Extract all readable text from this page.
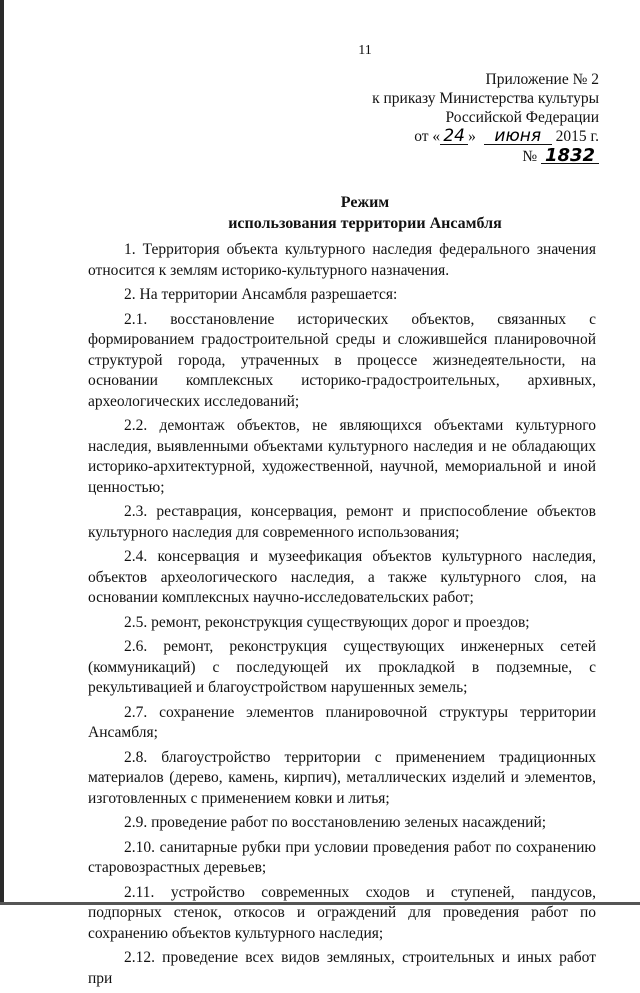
11
Приложение № 2
к приказу Министерства культуры
Российской Федерации
от « 24 » июня 2015 г.
№ 1832
Режим
использования территории Ансамбля

1. Территория объекта культурного наследия федерального значения относится к землям историко-культурного назначения.

2. На территории Ансамбля разрешается:

2.1. восстановление исторических объектов, связанных с формированием градостроительной среды и сложившейся планировочной структурой города, утраченных в процессе жизнедеятельности, на основании комплексных историко-градостроительных, архивных, археологических исследований;

2.2. демонтаж объектов, не являющихся объектами культурного наследия, выявленными объектами культурного наследия и не обладающих историко-архитектурной, художественной, научной, мемориальной и иной ценностью;

2.3. реставрация, консервация, ремонт и приспособление объектов культурного наследия для современного использования;

2.4. консервация и музеефикация объектов культурного наследия, объектов археологического наследия, а также культурного слоя, на основании комплексных научно-исследовательских работ;

2.5. ремонт, реконструкция существующих дорог и проездов;

2.6. ремонт, реконструкция существующих инженерных сетей (коммуникаций) с последующей их прокладкой в подземные, с рекультивацией и благоустройством нарушенных земель;

2.7. сохранение элементов планировочной структуры территории Ансамбля;

2.8. благоустройство территории с применением традиционных материалов (дерево, камень, кирпич), металлических изделий и элементов, изготовленных с применением ковки и литья;

2.9. проведение работ по восстановлению зеленых насаждений;

2.10. санитарные рубки при условии проведения работ по сохранению старовозрастных деревьев;

2.11. устройство современных сходов и ступеней, пандусов, подпорных стенок, откосов и ограждений для проведения работ по сохранению объектов культурного наследия;

2.12. проведение всех видов земляных, строительных и иных работ при
